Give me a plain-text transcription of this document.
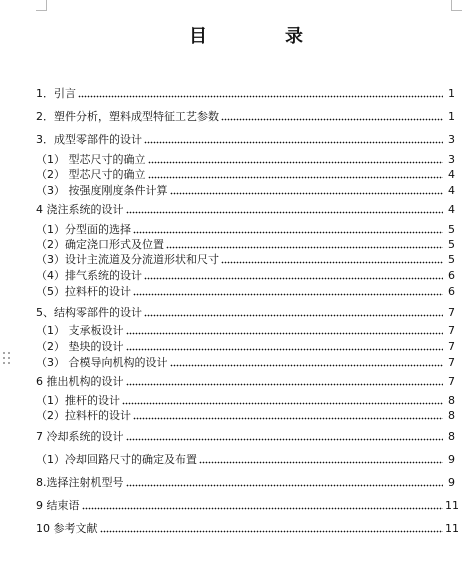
目	录
1．引言	1
2．塑件分析，塑料成型特征工艺参数	1
3．成型零部件的设计	3
（1） 型芯尺寸的确立	3
（2） 型芯尺寸的确立	4
（3） 按强度刚度条件计算	4
4 浇注系统的设计	4
（1）分型面的选择	5
（2）确定浇口形式及位置	5
（3）设计主流道及分流道形状和尺寸	5
（4）排气系统的设计	6
（5）拉料杆的设计	6
5、结构零部件的设计	7
（1） 支承板设计	7
（2） 垫块的设计	7
（3） 合模导向机构的设计	7
6 推出机构的设计	7
（1）推杆的设计	8
（2）拉料杆的设计	8
7 冷却系统的设计	8
（1）冷却回路尺寸的确定及布置	9
8.选择注射机型号	9
9 结束语	11
10 参考文献	11
